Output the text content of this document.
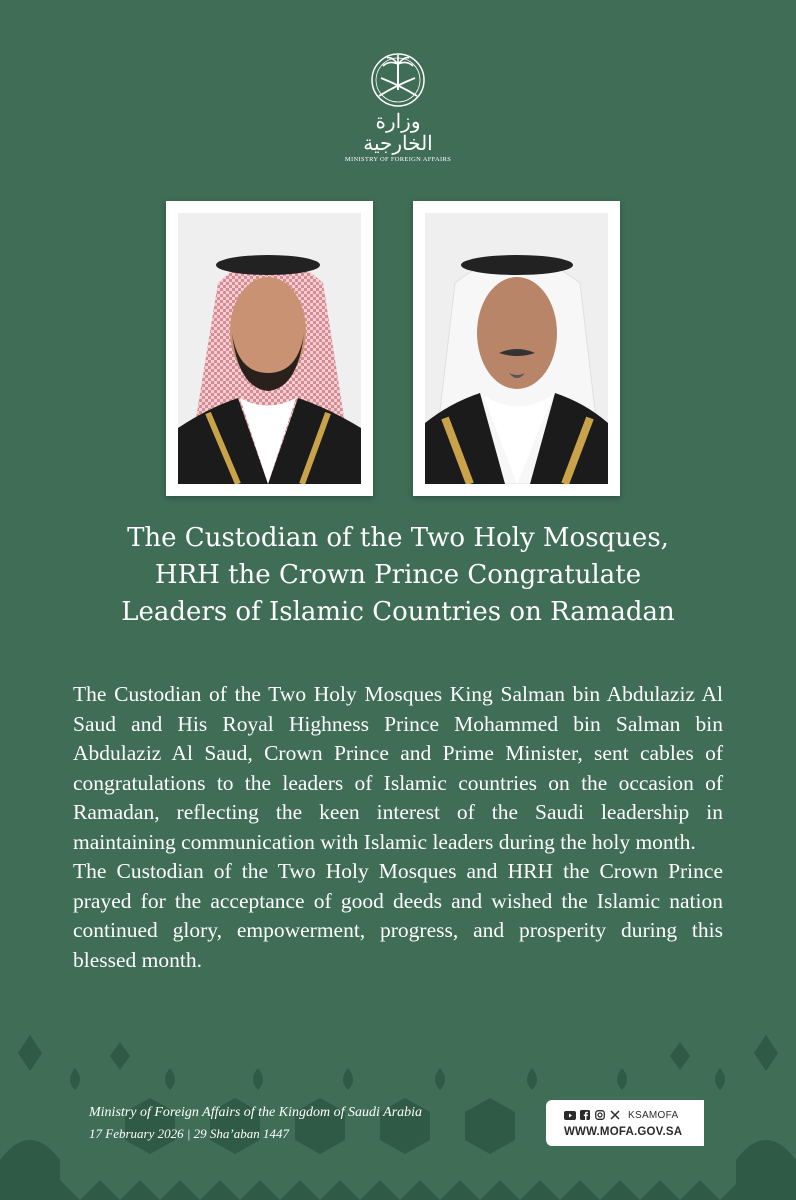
وزارة الخارجية
MINISTRY OF FOREIGN AFFAIRS
The Custodian of the Two Holy Mosques,
HRH the Crown Prince Congratulate
Leaders of Islamic Countries on Ramadan

The Custodian of the Two Holy Mosques King Salman bin Abdulaziz Al Saud and His Royal Highness Prince Mohammed bin Salman bin Abdulaziz Al Saud, Crown Prince and Prime Minister, sent cables of congratulations to the leaders of Islamic countries on the occasion of Ramadan, reflecting the keen interest of the Saudi leadership in maintaining communication with Islamic leaders during the holy month.

The Custodian of the Two Holy Mosques and HRH the Crown Prince prayed for the acceptance of good deeds and wished the Islamic nation continued glory, empowerment, progress, and prosperity during this blessed month.

Ministry of Foreign Affairs of the Kingdom of Saudi Arabia
17 February 2026 | 29 Sha’aban 1447
KSAMOFA
WWW.MOFA.GOV.SA
